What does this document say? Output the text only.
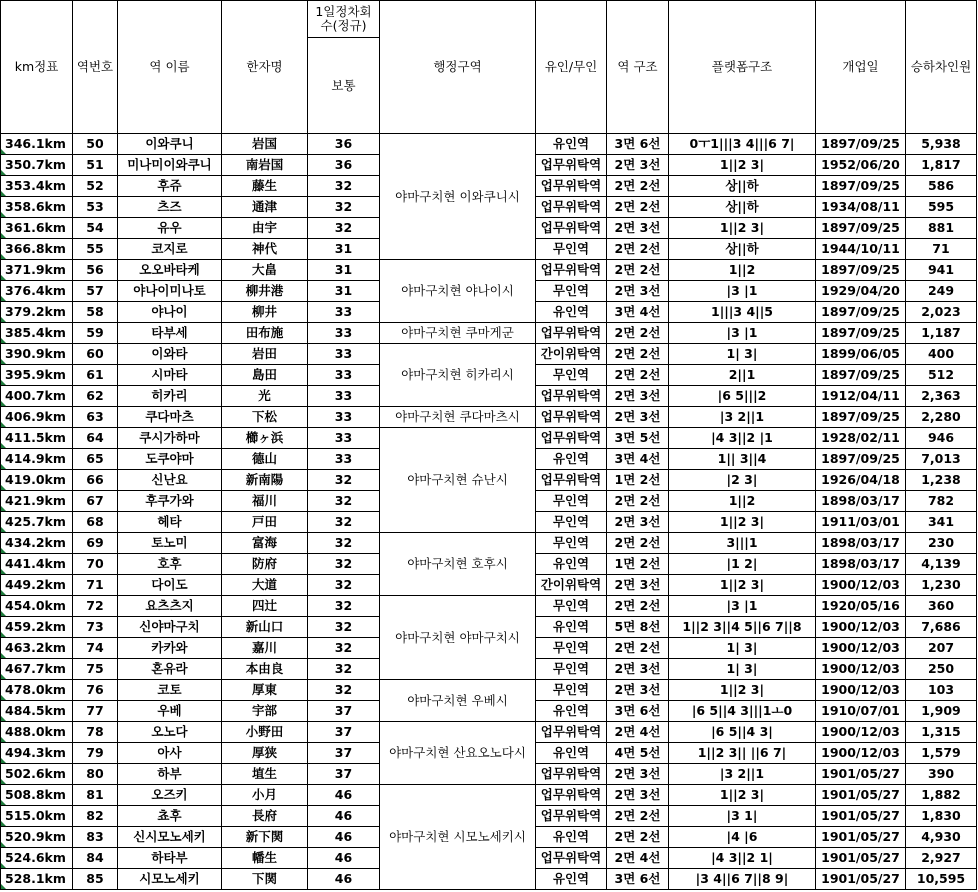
km정표	역번호	역 이름	한자명	1일정차회수(정규)	행정구역	유인/무인	역 구조	플랫폼구조	개업일	승하차인원
				보통						
346.1km	50	이와쿠니	岩国	36	야마구치현 이와쿠니시	유인역	3면 6선	0ㅜ1|||3 4|||6 7|	1897/09/25	5,938
350.7km	51	미나미이와쿠니	南岩国	36		업무위탁역	2면 3선	1||2 3|	1952/06/20	1,817
353.4km	52	후쥬	藤生	32		업무위탁역	2면 2선	상||하	1897/09/25	586
358.6km	53	츠즈	通津	32		업무위탁역	2면 2선	상||하	1934/08/11	595
361.6km	54	유우	由宇	32		업무위탁역	2면 3선	1||2 3|	1897/09/25	881
366.8km	55	코지로	神代	31		무인역	2면 2선	상||하	1944/10/11	71
371.9km	56	오오바타케	大畠	31	야마구치현 야나이시	업무위탁역	2면 2선	1||2	1897/09/25	941
376.4km	57	야나이미나토	柳井港	31		무인역	2면 3선	|3 |1	1929/04/20	249
379.2km	58	야나이	柳井	33		유인역	3면 4선	1|||3 4||5	1897/09/25	2,023
385.4km	59	타부세	田布施	33	야마구치현 쿠마게군	업무위탁역	2면 2선	|3 |1	1897/09/25	1,187
390.9km	60	이와타	岩田	33	야마구치현 히카리시	간이위탁역	2면 2선	1| 3|	1899/06/05	400
395.9km	61	시마타	島田	33		무인역	2면 2선	2||1	1897/09/25	512
400.7km	62	히카리	光	33		업무위탁역	2면 3선	|6 5|||2	1912/04/11	2,363
406.9km	63	쿠다마츠	下松	33	야마구치현 쿠다마츠시	업무위탁역	2면 3선	|3 2||1	1897/09/25	2,280
411.5km	64	쿠시가하마	櫛ヶ浜	33	야마구치현 슈난시	업무위탁역	3면 5선	|4 3||2 |1	1928/02/11	946
414.9km	65	도쿠야마	德山	33		유인역	3면 4선	1|| 3||4	1897/09/25	7,013
419.0km	66	신난요	新南陽	32		업무위탁역	1면 2선	|2 3|	1926/04/18	1,238
421.9km	67	후쿠가와	福川	32		무인역	2면 2선	1||2	1898/03/17	782
425.7km	68	헤타	戸田	32		무인역	2면 3선	1||2 3|	1911/03/01	341
434.2km	69	토노미	富海	32	야마구치현 호후시	무인역	2면 2선	3|||1	1898/03/17	230
441.4km	70	호후	防府	32		유인역	1면 2선	|1 2|	1898/03/17	4,139
449.2km	71	다이도	大道	32		간이위탁역	2면 3선	1||2 3|	1900/12/03	1,230
454.0km	72	요츠츠지	四辻	32	야마구치현 야마구치시	무인역	2면 2선	|3 |1	1920/05/16	360
459.2km	73	신야마구치	新山口	32		유인역	5면 8선	1||2 3||4 5||6 7||8	1900/12/03	7,686
463.2km	74	카카와	嘉川	32		무인역	2면 2선	1| 3|	1900/12/03	207
467.7km	75	혼유라	本由良	32		무인역	2면 3선	1| 3|	1900/12/03	250
478.0km	76	코토	厚東	32	야마구치현 우베시	무인역	2면 3선	1||2 3|	1900/12/03	103
484.5km	77	우베	宇部	37		유인역	3면 6선	|6 5||4 3|||1ㅗ0	1910/07/01	1,909
488.0km	78	오노다	小野田	37	야마구치현 산요오노다시	업무위탁역	2면 4선	|6 5||4 3|	1900/12/03	1,315
494.3km	79	아사	厚狭	37		유인역	4면 5선	1||2 3|| ||6 7|	1900/12/03	1,579
502.6km	80	하부	埴生	37		업무위탁역	2면 3선	|3 2||1	1901/05/27	390
508.8km	81	오즈키	小月	46	야마구치현 시모노세키시	업무위탁역	2면 3선	1||2 3|	1901/05/27	1,882
515.0km	82	쵸후	長府	46		업무위탁역	2면 2선	|3 1|	1901/05/27	1,830
520.9km	83	신시모노세키	新下関	46		유인역	2면 2선	|4 |6	1901/05/27	4,930
524.6km	84	하타부	幡生	46		업무위탁역	2면 4선	|4 3||2 1|	1901/05/27	2,927
528.1km	85	시모노세키	下関	46		유인역	3면 6선	|3 4||6 7||8 9|	1901/05/27	10,595
